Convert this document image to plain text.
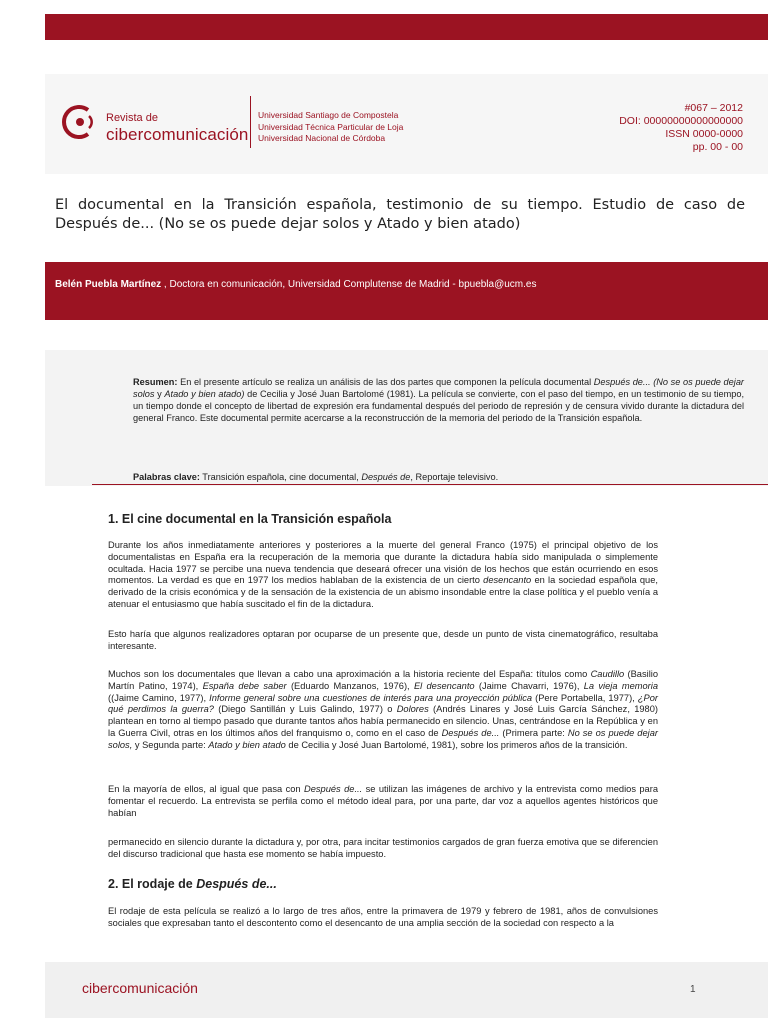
Revista de
cibercomunicación
Universidad Santiago de Compostela
Universidad Técnica Particular de Loja
Universidad Nacional de Córdoba
#067 – 2012
DOI: 00000000000000000
ISSN 0000-0000
pp. 00 - 00
El documental en la Transición española, testimonio de su tiempo. Estudio de caso de Después de... (No se os puede dejar solos y Atado y bien atado)
Belén Puebla Martínez , Doctora en comunicación, Universidad Complutense de Madrid - bpuebla@ucm.es
Resumen: En el presente artículo se realiza un análisis de las dos partes que componen la película documental Después de... (No se os puede dejar solos y Atado y bien atado) de Cecilia y José Juan Bartolomé (1981). La película se convierte, con el paso del tiempo, en un testimonio de su tiempo, un tiempo donde el concepto de libertad de expresión era fundamental después del periodo de represión y de censura vivido durante la dictadura del general Franco. Este documental permite acercarse a la reconstrucción de la memoria del periodo de la Transición española.
Palabras clave: Transición española, cine documental, Después de, Reportaje televisivo.
1. El cine documental en la Transición española
Durante los años inmediatamente anteriores y posteriores a la muerte del general Franco (1975) el principal objetivo de los documentalistas en España era la recuperación de la memoria que durante la dictadura había sido manipulada o simplemente ocultada. Hacia 1977 se percibe una nueva tendencia que deseará ofrecer una visión de los hechos que están ocurriendo en esos momentos. La verdad es que en 1977 los medios hablaban de la existencia de un cierto desencanto en la sociedad española que, derivado de la crisis económica y de la sensación de la existencia de un abismo insondable entre la clase política y el pueblo venía a atenuar el entusiasmo que había suscitado el fin de la dictadura.
Esto haría que algunos realizadores optaran por ocuparse de un presente que, desde un punto de vista cinematográfico, resultaba interesante.
Muchos son los documentales que llevan a cabo una aproximación a la historia reciente del España: títulos como Caudillo (Basilio Martín Patino, 1974), España debe saber (Eduardo Manzanos, 1976), El desencanto (Jaime Chavarri, 1976), La vieja memoria ((Jaime Camino, 1977), Informe general sobre una cuestiones de interés para una proyección pública (Pere Portabella, 1977), ¿Por qué perdimos la guerra? (Diego Santillán y Luis Galindo, 1977) o Dolores (Andrés Linares y José Luis García Sánchez, 1980) plantean en torno al tiempo pasado que durante tantos años había permanecido en silencio. Unas, centrándose en la República y en la Guerra Civil, otras en los últimos años del franquismo o, como en el caso de Después de... (Primera parte: No se os puede dejar solos, y Segunda parte: Atado y bien atado de Cecilia y José Juan Bartolomé, 1981), sobre los primeros años de la transición.
En la mayoría de ellos, al igual que pasa con Después de... se utilizan las imágenes de archivo y la entrevista como medios para fomentar el recuerdo. La entrevista se perfila como el método ideal para, por una parte, dar voz a aquellos agentes históricos que habían
permanecido en silencio durante la dictadura y, por otra, para incitar testimonios cargados de gran fuerza emotiva que se diferencien del discurso tradicional que hasta ese momento se había impuesto.
2. El rodaje de Después de...
El rodaje de esta película se realizó a lo largo de tres años, entre la primavera de 1979 y febrero de 1981, años de convulsiones sociales que expresaban tanto el descontento como el desencanto de una amplia sección de la sociedad con respecto a la
cibercomunicación	1
